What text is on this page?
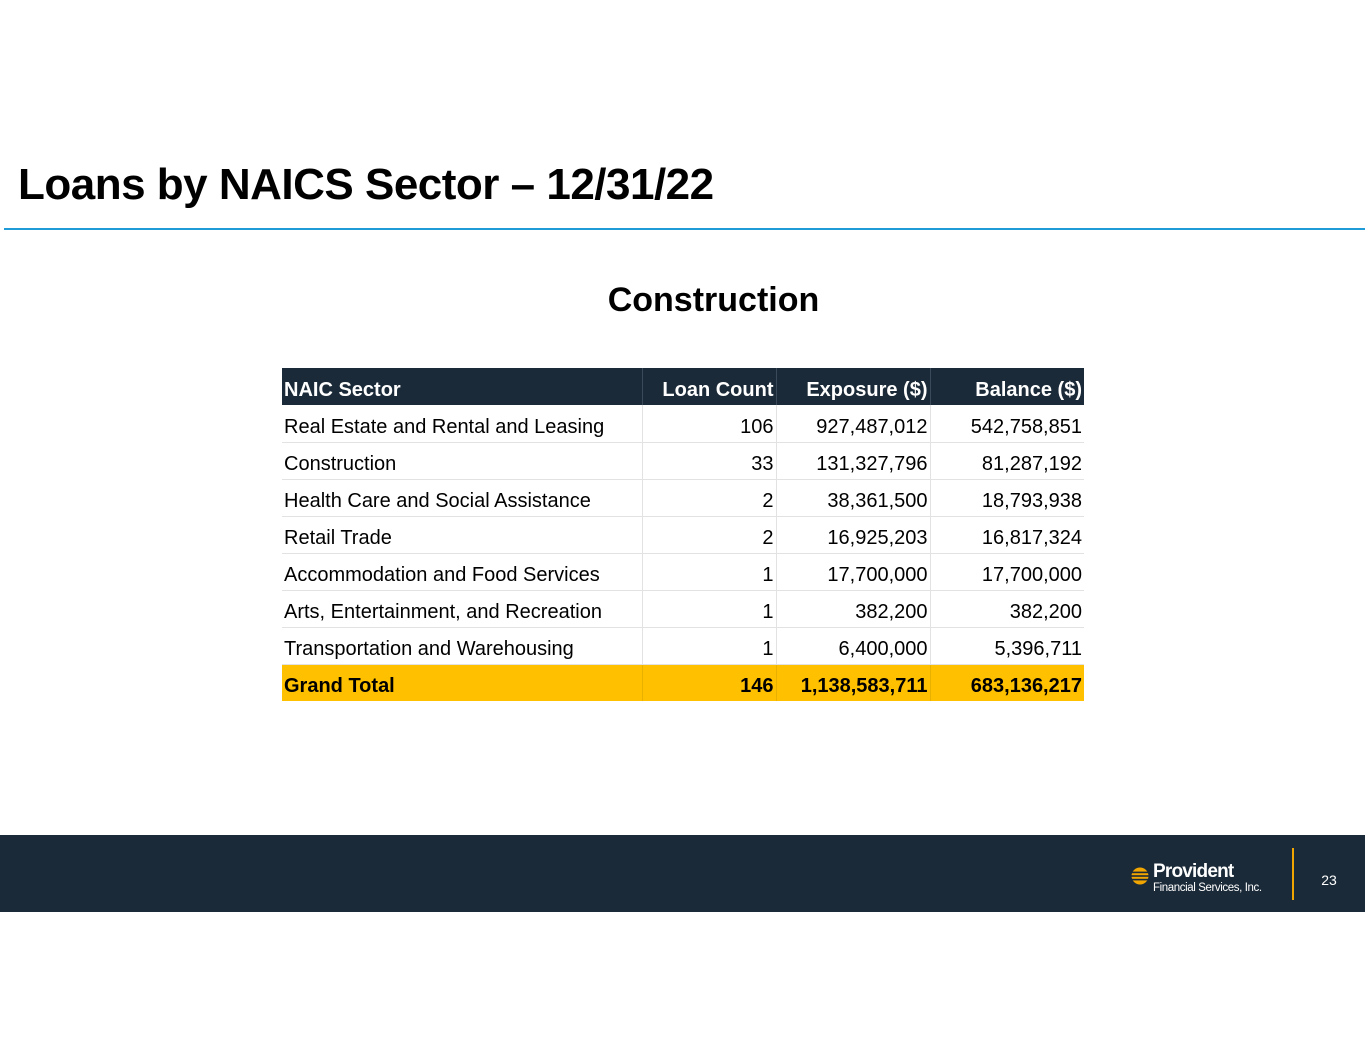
Loans by NAICS Sector – 12/31/22
Construction
NAIC Sector	Loan Count	Exposure ($)	Balance ($)
Real Estate and Rental and Leasing	106	927,487,012	542,758,851
Construction	33	131,327,796	81,287,192
Health Care and Social Assistance	2	38,361,500	18,793,938
Retail Trade	2	16,925,203	16,817,324
Accommodation and Food Services	1	17,700,000	17,700,000
Arts, Entertainment, and Recreation	1	382,200	382,200
Transportation and Warehousing	1	6,400,000	5,396,711
Grand Total	146	1,138,583,711	683,136,217
Provident
Financial Services, Inc.	23
